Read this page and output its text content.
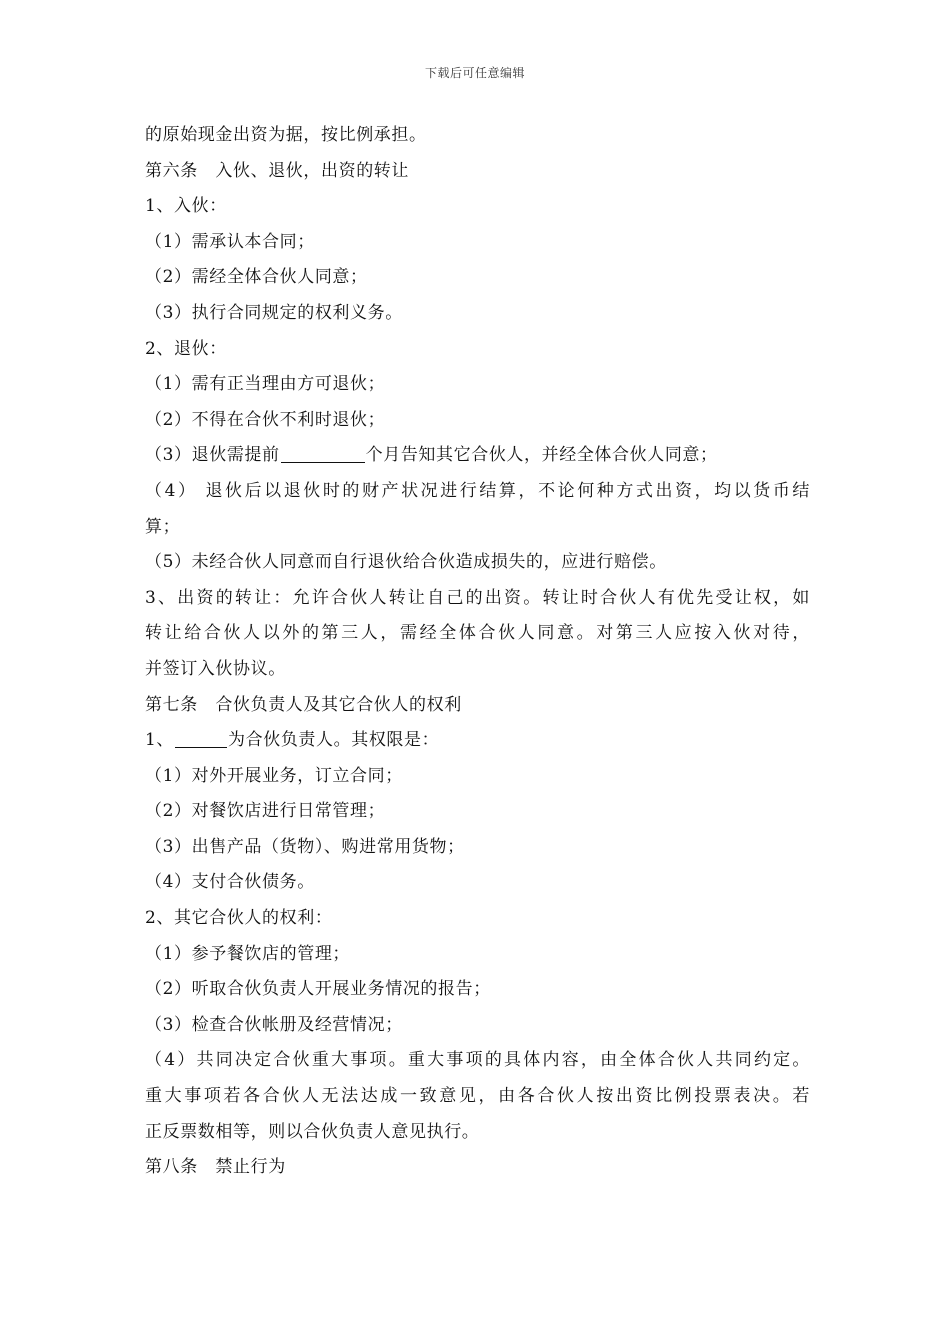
下载后可任意编辑
的原始现金出资为据，按比例承担。
第六条　入伙、退伙，出资的转让
1、入伙：
（1）需承认本合同；
（2）需经全体合伙人同意；
（3）执行合同规定的权利义务。
2、退伙：
（1）需有正当理由方可退伙；
（2）不得在合伙不利时退伙；
（3）退伙需提前	个月告知其它合伙人，并经全体合伙人同意；
（4） 退伙后以退伙时的财产状况进行结算，不论何种方式出资，均以货币结
算；
（5）未经合伙人同意而自行退伙给合伙造成损失的，应进行赔偿。
3、出资的转让：允许合伙人转让自己的出资。转让时合伙人有优先受让权，如
转让给合伙人以外的第三人，需经全体合伙人同意。对第三人应按入伙对待，
并签订入伙协议。
第七条　合伙负责人及其它合伙人的权利
1、	为合伙负责人。其权限是：
（1）对外开展业务，订立合同；
（2）对餐饮店进行日常管理；
（3）出售产品（货物）、购进常用货物；
（4）支付合伙债务。
2、其它合伙人的权利：
（1）参予餐饮店的管理；
（2）听取合伙负责人开展业务情况的报告；
（3）检查合伙帐册及经营情况；
（4）共同决定合伙重大事项。重大事项的具体内容，由全体合伙人共同约定。
重大事项若各合伙人无法达成一致意见，由各合伙人按出资比例投票表决。若
正反票数相等，则以合伙负责人意见执行。
第八条　禁止行为
